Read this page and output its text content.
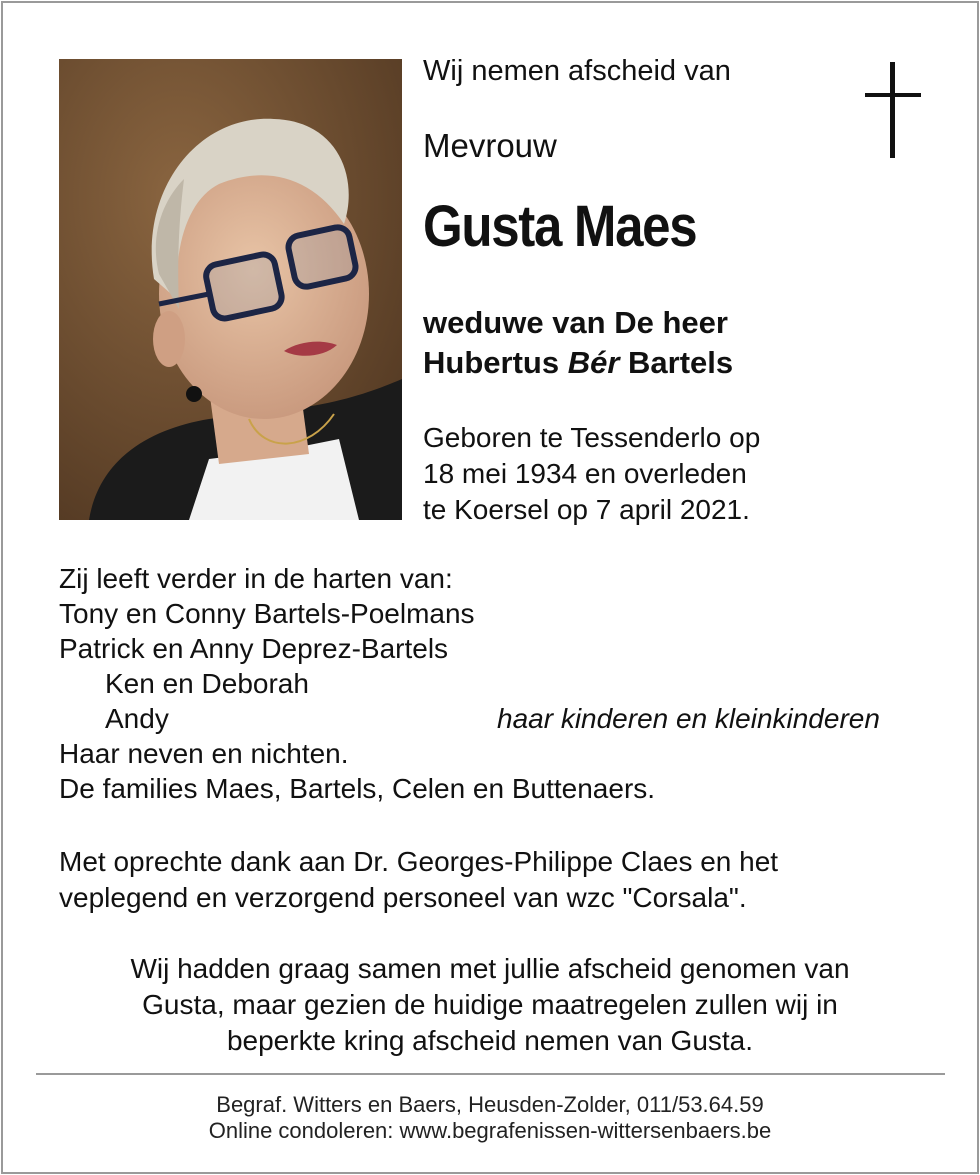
Wij nemen afscheid van
Mevrouw
Gusta Maes
weduwe van De heer
Hubertus Bér Bartels
Geboren te Tessenderlo op
18 mei 1934 en overleden
te Koersel op 7 april 2021.
Zij leeft verder in de harten van:
Tony en Conny Bartels-Poelmans
Patrick en Anny Deprez-Bartels
Ken en Deborah
Andy	haar kinderen en kleinkinderen
Haar neven en nichten.
De families Maes, Bartels, Celen en Buttenaers.
Met oprechte dank aan Dr. Georges-Philippe Claes en het
veplegend en verzorgend personeel van wzc "Corsala".
Wij hadden graag samen met jullie afscheid genomen van
Gusta, maar gezien de huidige maatregelen zullen wij in
beperkte kring afscheid nemen van Gusta.
Begraf. Witters en Baers, Heusden-Zolder, 011/53.64.59
Online condoleren: www.begrafenissen-wittersenbaers.be
